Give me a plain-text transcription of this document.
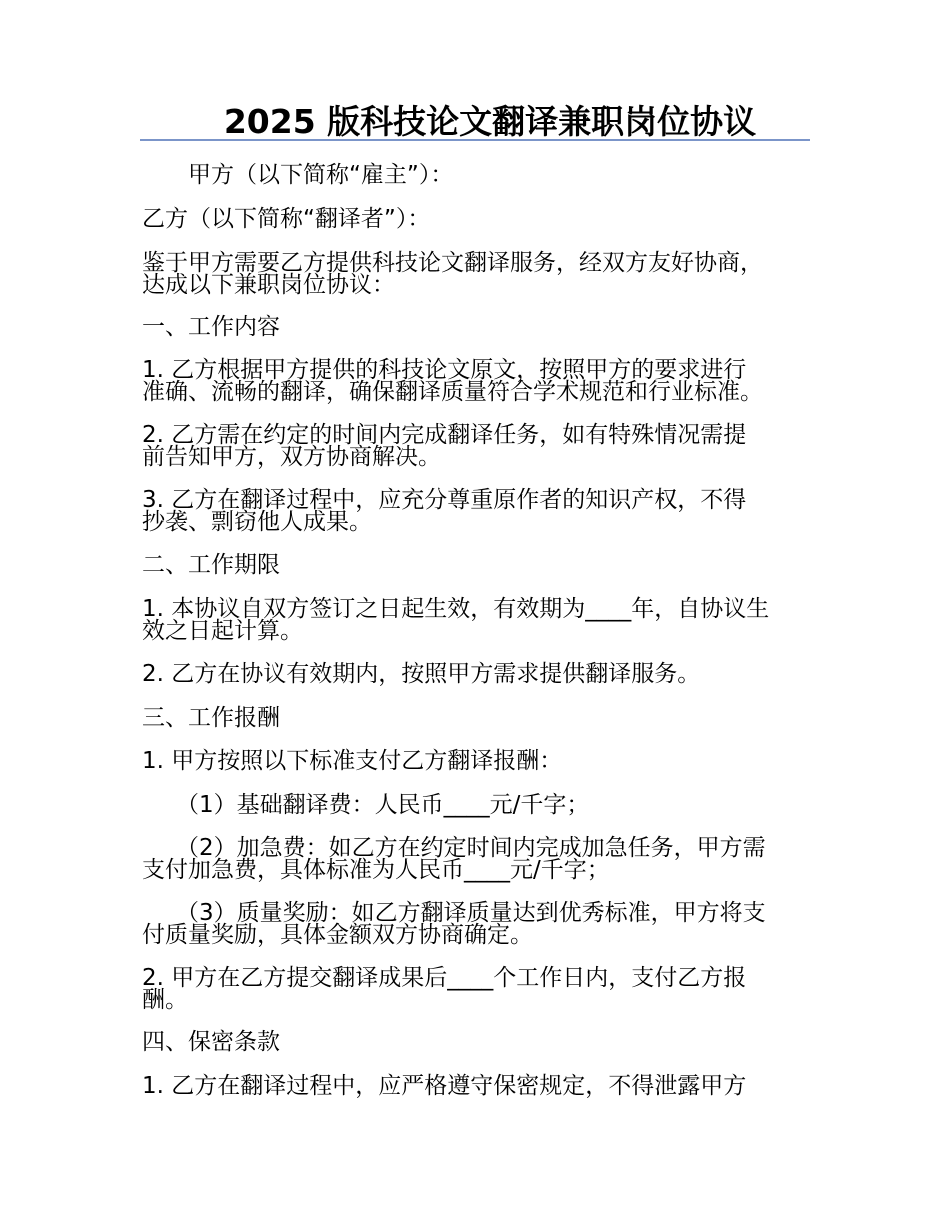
2025 版科技论文翻译兼职岗位协议
甲方（以下简称“雇主”）：
乙方（以下简称“翻译者”）：
鉴于甲方需要乙方提供科技论文翻译服务，经双方友好协商，
达成以下兼职岗位协议：
一、工作内容
1. 乙方根据甲方提供的科技论文原文，按照甲方的要求进行
准确、流畅的翻译，确保翻译质量符合学术规范和行业标准。
2. 乙方需在约定的时间内完成翻译任务，如有特殊情况需提
前告知甲方，双方协商解决。
3. 乙方在翻译过程中，应充分尊重原作者的知识产权，不得
抄袭、剽窃他人成果。
二、工作期限
1. 本协议自双方签订之日起生效，有效期为____年，自协议生
效之日起计算。
2. 乙方在协议有效期内，按照甲方需求提供翻译服务。
三、工作报酬
1. 甲方按照以下标准支付乙方翻译报酬：
（1）基础翻译费：人民币____元/千字；
（2）加急费：如乙方在约定时间内完成加急任务，甲方需
支付加急费，具体标准为人民币____元/千字；
（3）质量奖励：如乙方翻译质量达到优秀标准，甲方将支
付质量奖励，具体金额双方协商确定。
2. 甲方在乙方提交翻译成果后____个工作日内，支付乙方报
酬。
四、保密条款
1. 乙方在翻译过程中，应严格遵守保密规定，不得泄露甲方
